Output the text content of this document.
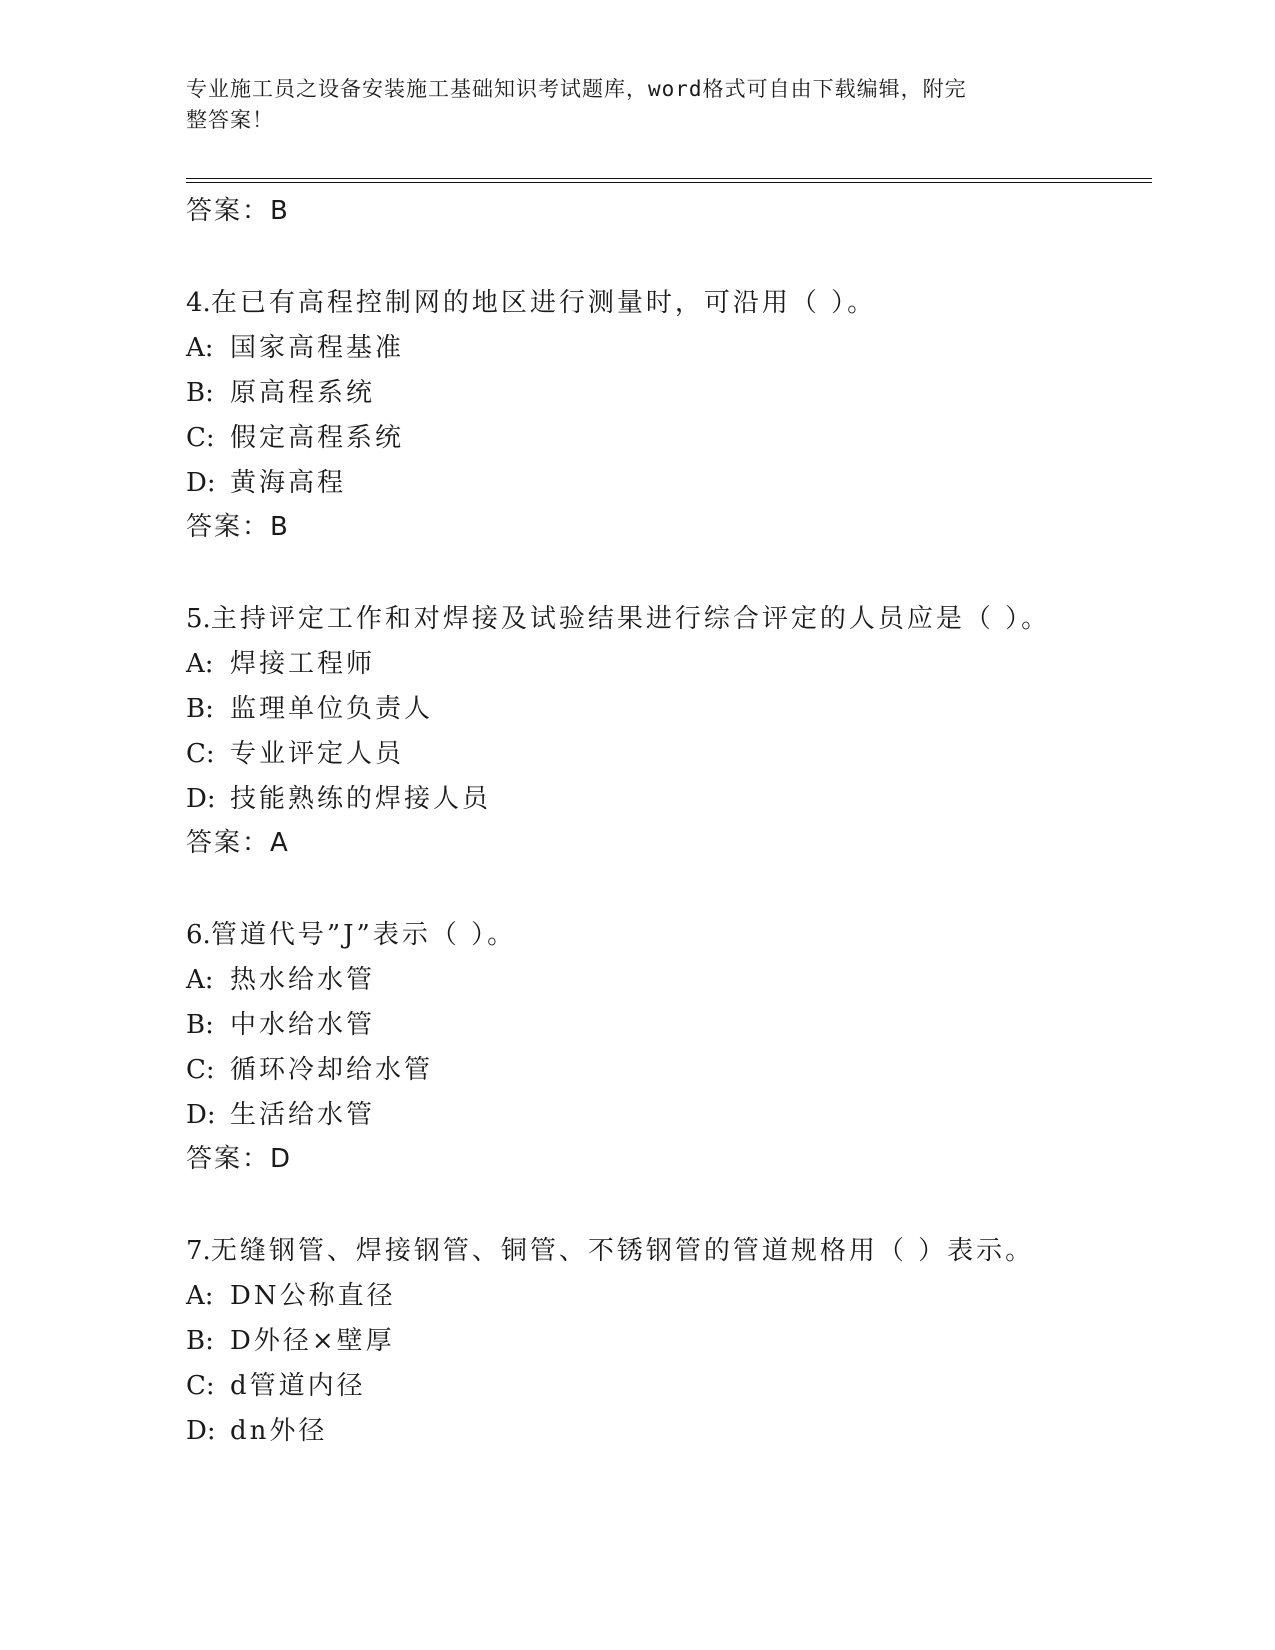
专业施工员之设备安装施工基础知识考试题库，word格式可自由下载编辑，附完
整答案！
答案：B
4.在已有高程控制网的地区进行测量时，可沿用（ ）。
A: 国家高程基准
B: 原高程系统
C: 假定高程系统
D: 黄海高程
答案：B
5.主持评定工作和对焊接及试验结果进行综合评定的人员应是（ ）。
A: 焊接工程师
B: 监理单位负责人
C: 专业评定人员
D: 技能熟练的焊接人员
答案：A
6.管道代号”J”表示（ ）。
A: 热水给水管
B: 中水给水管
C: 循环冷却给水管
D: 生活给水管
答案：D
7.无缝钢管、焊接钢管、铜管、不锈钢管的管道规格用（ ）表示。
A: DN公称直径
B: D外径×壁厚
C: d管道内径
D: dn外径
